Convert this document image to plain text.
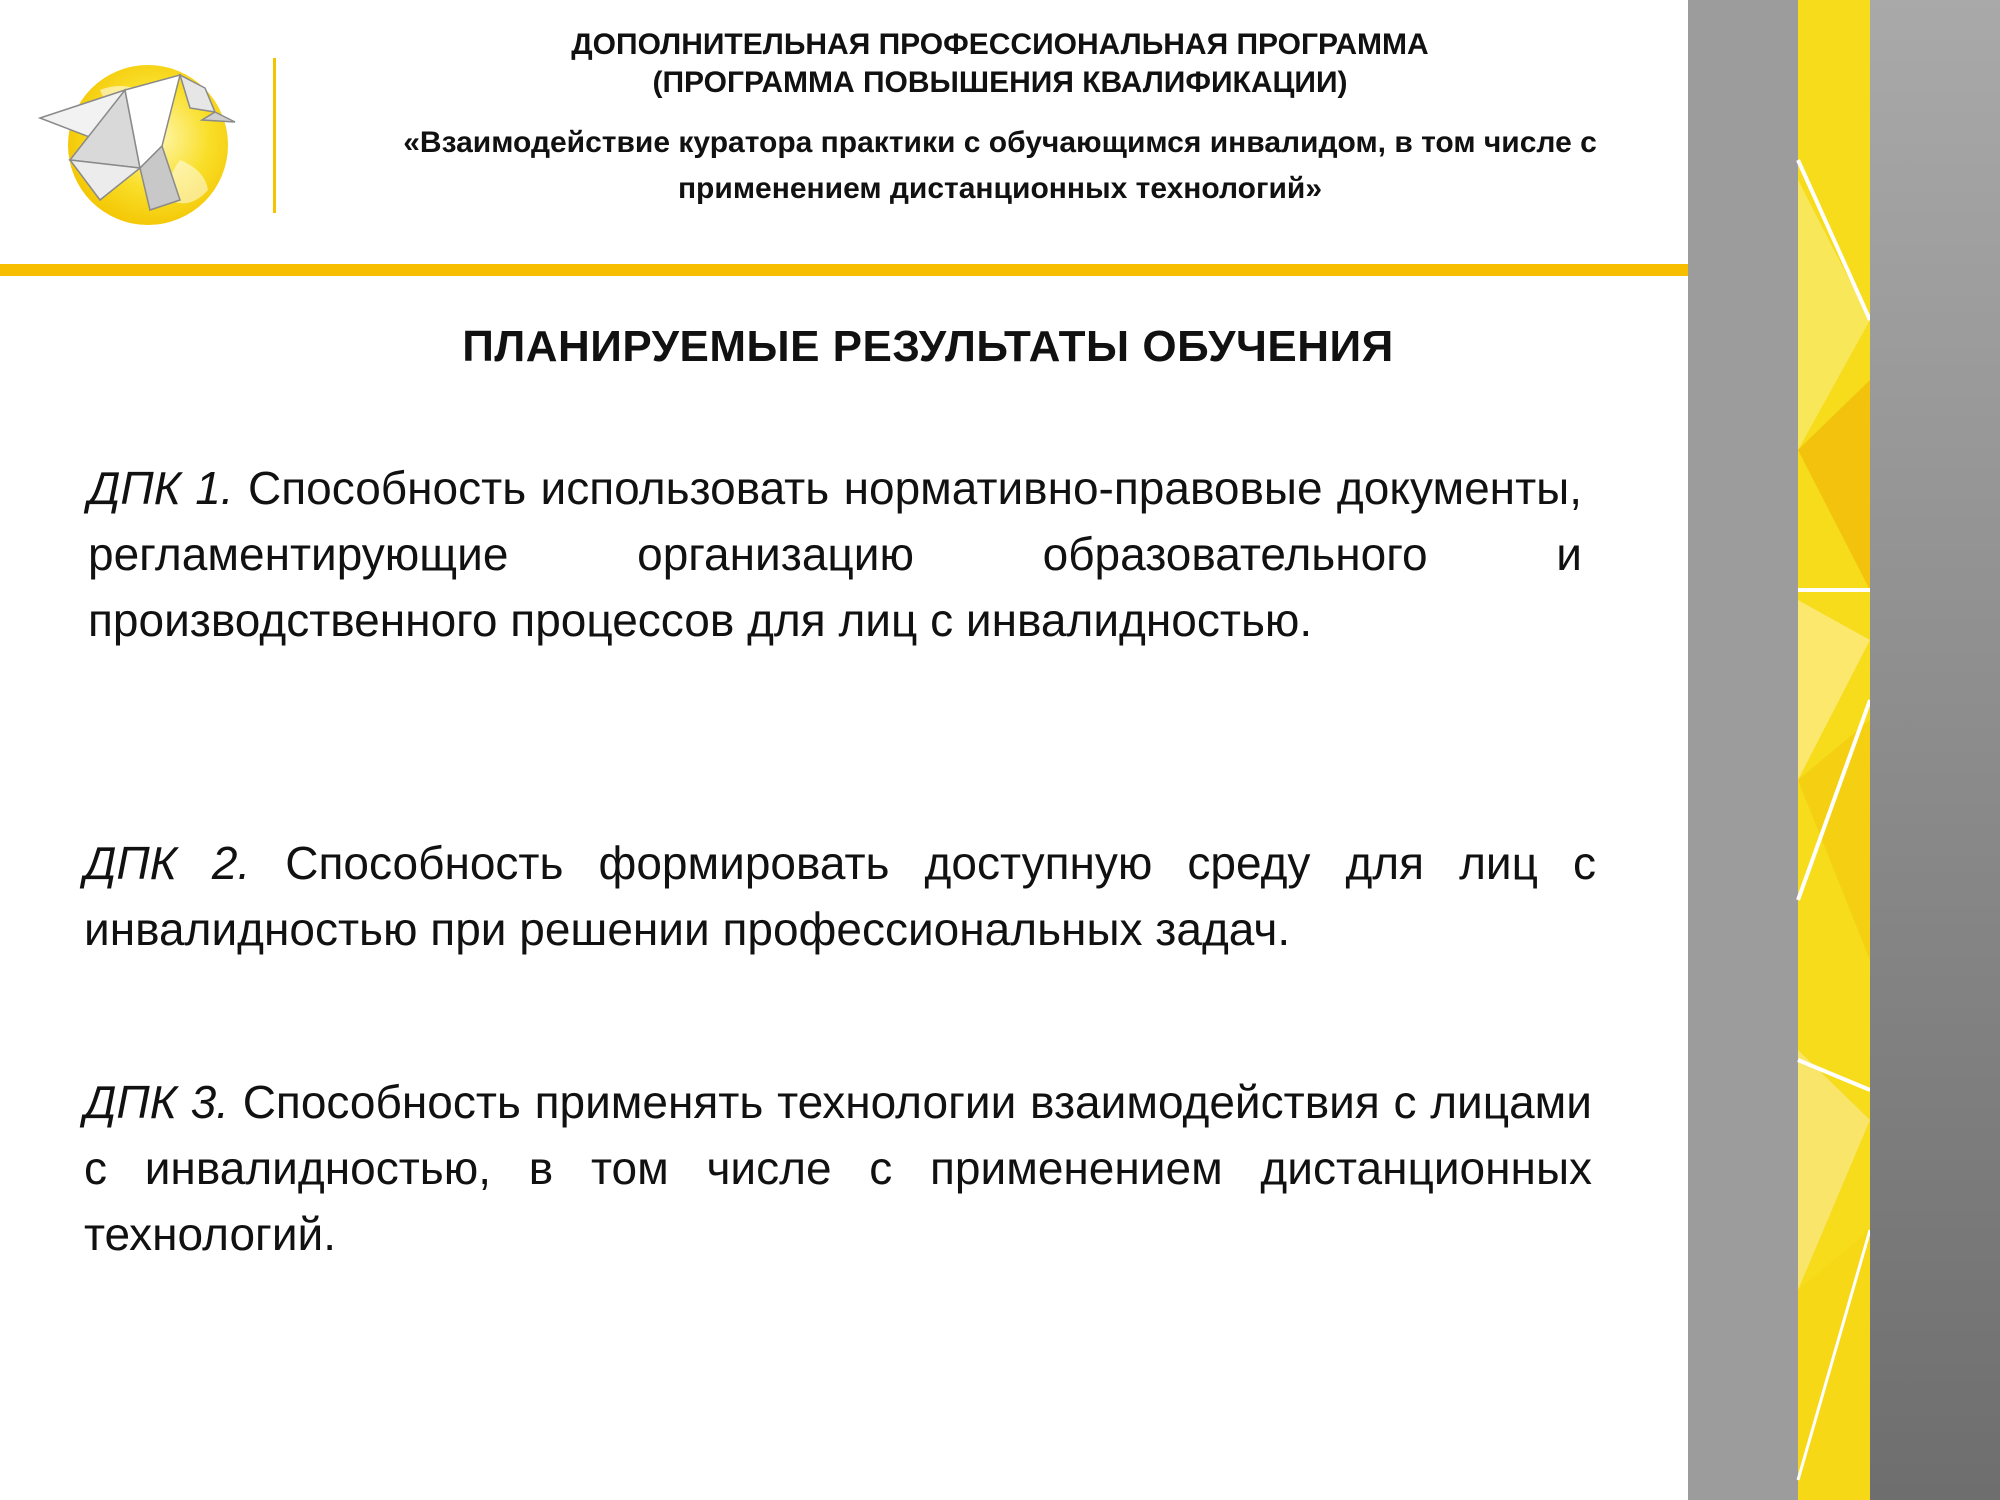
ДОПОЛНИТЕЛЬНАЯ ПРОФЕССИОНАЛЬНАЯ ПРОГРАММА

(ПРОГРАММА ПОВЫШЕНИЯ КВАЛИФИКАЦИИ)

«Взаимодействие куратора практики с обучающимся инвалидом, в том числе с применением дистанционных технологий»

ПЛАНИРУЕМЫЕ РЕЗУЛЬТАТЫ ОБУЧЕНИЯ

ДПК 1. Способность использовать нормативно-правовые документы, регламентирующие организацию образовательного и производственного процессов для лиц с инвалидностью.

ДПК 2. Способность формировать доступную среду для лиц с инвалидностью при решении профессиональных задач.

ДПК 3. Способность применять технологии взаимодействия с лицами с инвалидностью, в том числе с применением дистанционных технологий.
